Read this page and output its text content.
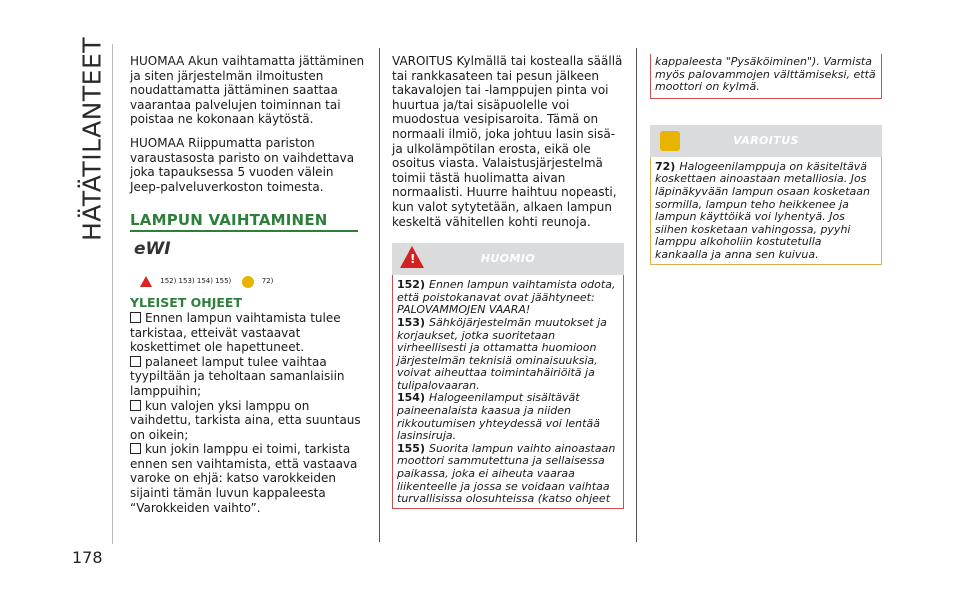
HÄTÄTILANTEET
178

HUOMAA Akun vaihtamatta jättäminen ja siten järjestelmän ilmoitusten noudattamatta jättäminen saattaa vaarantaa palvelujen toiminnan tai poistaa ne kokonaan käytöstä.

HUOMAA Riippumatta pariston varaustasosta paristo on vaihdettava joka tapauksessa 5 vuoden välein Jeep-palveluverkoston toimesta.

LAMPUN VAIHTAMINEN
eWI
152) 153) 154) 155)	72)
YLEISET OHJEET
Ennen lampun vaihtamista tulee tarkistaa, etteivät vastaavat koskettimet ole hapettuneet.
palaneet lamput tulee vaihtaa tyypiltään ja teholtaan samanlaisiin lamppuihin;
kun valojen yksi lamppu on vaihdettu, tarkista aina, etta suuntaus on oikein;
kun jokin lamppu ei toimi, tarkista ennen sen vaihtamista, että vastaava varoke on ehjä: katso varokkeiden sijainti tämän luvun kappaleesta “Varokkeiden vaihto”.

VAROITUS Kylmällä tai kostealla säällä tai rankkasateen tai pesun jälkeen takavalojen tai -lamppujen pinta voi huurtua ja/tai sisäpuolelle voi muodostua vesipisaroita. Tämä on normaali ilmiö, joka johtuu lasin sisä- ja ulkolämpötilan erosta, eikä ole osoitus viasta. Valaistusjärjestelmä toimii tästä huolimatta aivan normaalisti. Huurre haihtuu nopeasti, kun valot sytytetään, alkaen lampun keskeltä vähitellen kohti reunoja.

!
HUOMIO
152) Ennen lampun vaihtamista odota, että poistokanavat ovat jäähtyneet: PALOVAMMOJEN VAARA!
153) Sähköjärjestelmän muutokset ja korjaukset, jotka suoritetaan virheellisesti ja ottamatta huomioon järjestelmän teknisiä ominaisuuksia, voivat aiheuttaa toimintahäiriöitä ja tulipalovaaran.
154) Halogeenilamput sisältävät paineenalaista kaasua ja niiden rikkoutumisen yhteydessä voi lentää lasinsiruja.
155) Suorita lampun vaihto ainoastaan moottori sammutettuna ja sellaisessa paikassa, joka ei aiheuta vaaraa liikenteelle ja jossa se voidaan vaihtaa turvallisissa olosuhteissa (katso ohjeet
kappaleesta "Pysäköiminen"). Varmista myös palovammojen välttämiseksi, että moottori on kylmä.
VAROITUS
72) Halogeenilamppuja on käsiteltävä koskettaen ainoastaan metalliosia. Jos läpinäkyvään lampun osaan kosketaan sormilla, lampun teho heikkenee ja lampun käyttöikä voi lyhentyä. Jos siihen kosketaan vahingossa, pyyhi lamppu alkoholiin kostutetulla kankaalla ja anna sen kuivua.
